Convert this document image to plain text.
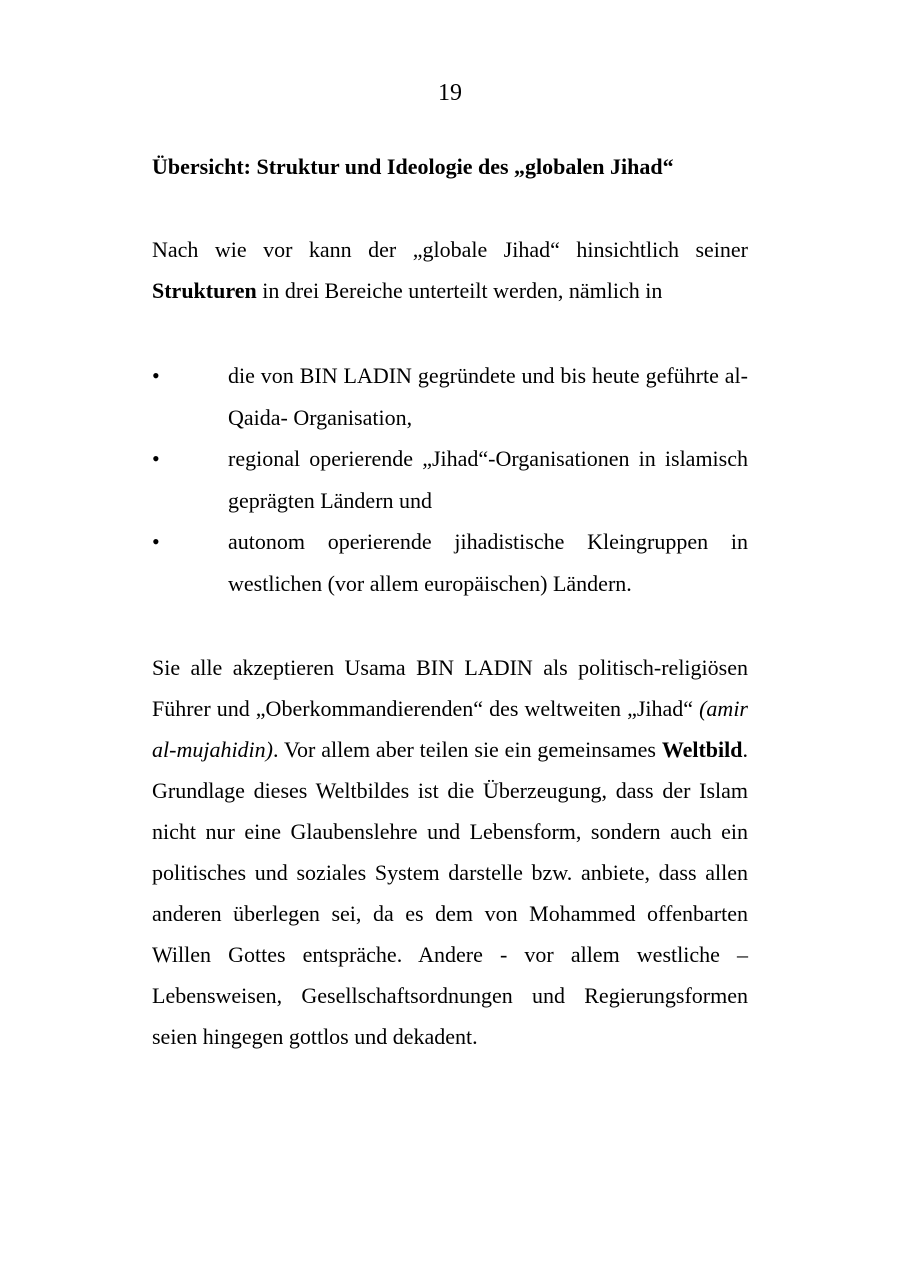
19
Übersicht: Struktur und Ideologie des „globalen Jihad“

Nach wie vor kann der „globale Jihad“ hinsichtlich seiner Strukturen in drei Bereiche unterteilt werden, nämlich in

•	die von BIN LADIN gegründete und bis heute geführte al-Qaida- Organisation,
•	regional operierende „Jihad“-Organisationen in islamisch geprägten Ländern und
•	autonom operierende jihadistische Kleingruppen in westlichen (vor allem europäischen) Ländern.

Sie alle akzeptieren Usama BIN LADIN als politisch-religiösen Führer und „Oberkommandierenden“ des weltweiten „Jihad“ (amir al-mujahidin). Vor allem aber teilen sie ein gemeinsames Weltbild. Grundlage dieses Weltbildes ist die Überzeugung, dass der Islam nicht nur eine Glaubenslehre und Lebensform, sondern auch ein politisches und soziales System darstelle bzw. anbiete, dass allen anderen überlegen sei, da es dem von Mohammed offenbarten Willen Gottes entspräche. Andere - vor allem westliche – Lebensweisen, Gesellschaftsordnungen und Regierungsformen seien hingegen gottlos und dekadent.
